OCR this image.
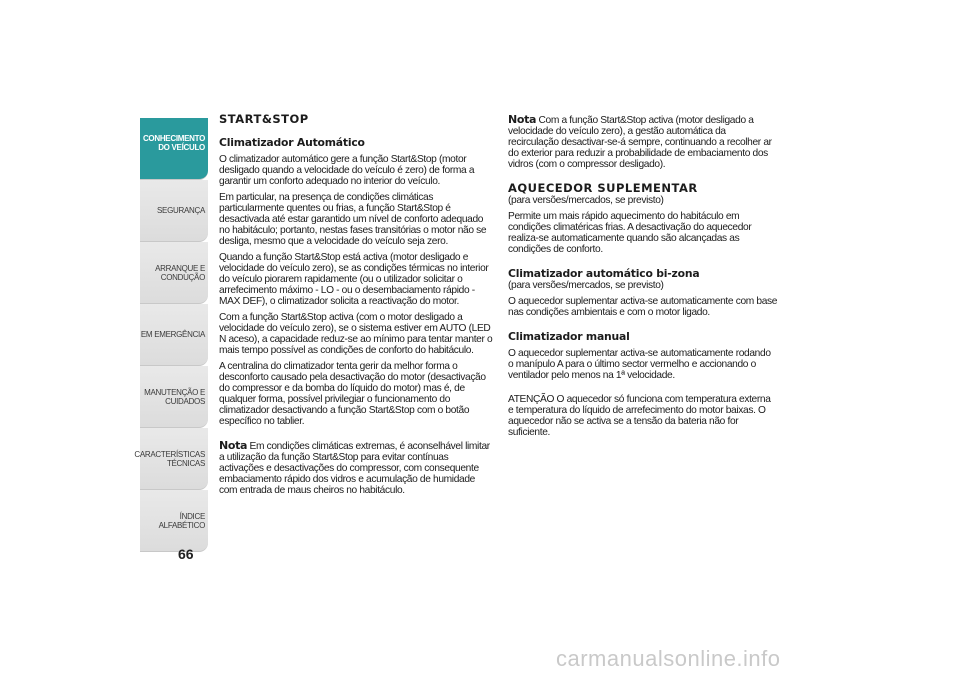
CONHECIMENTO
DO VEÍCULO
SEGURANÇA
ARRANQUE E
CONDUÇÃO
EM EMERGÊNCIA
MANUTENÇÃO E
CUIDADOS
CARACTERÍSTICAS
TÉCNICAS
ÍNDICE ALFABÉTICO
66
START&STOP
Climatizador Automático

O climatizador automático gere a função Start&Stop (motor desligado quando a velocidade do veículo é zero) de forma a garantir um conforto adequado no interior do veículo.

Em particular, na presença de condições climáticas particularmente quentes ou frias, a função Start&Stop é desactivada até estar garantido um nível de conforto adequado no habitáculo; portanto, nestas fases transitórias o motor não se desliga, mesmo que a velocidade do veículo seja zero.

Quando a função Start&Stop está activa (motor desligado e velocidade do veículo zero), se as condições térmicas no interior do veículo piorarem rapidamente (ou o utilizador solicitar o arrefecimento máximo - LO - ou o desembaciamento rápido - MAX DEF), o climatizador solicita a reactivação do motor.

Com a função Start&Stop activa (com o motor desligado a velocidade do veículo zero), se o sistema estiver em AUTO (LED N aceso), a capacidade reduz-se ao mínimo para tentar manter o mais tempo possível as condições de conforto do habitáculo.

A centralina do climatizador tenta gerir da melhor forma o desconforto causado pela desactivação do motor (desactivação do compressor e da bomba do líquido do motor) mas é, de qualquer forma, possível privilegiar o funcionamento do climatizador desactivando a função Start&Stop com o botão específico no tablier.

Nota Em condições climáticas extremas, é aconselhável limitar a utilização da função Start&Stop para evitar contínuas activações e desactivações do compressor, com consequente embaciamento rápido dos vidros e acumulação de humidade com entrada de maus cheiros no habitáculo.

Nota Com a função Start&Stop activa (motor desligado a velocidade do veículo zero), a gestão automática da recirculação desactivar-se-á sempre, continuando a recolher ar do exterior para reduzir a probabilidade de embaciamento dos vidros (com o compressor desligado).

AQUECEDOR SUPLEMENTAR

(para versões/mercados, se previsto)

Permite um mais rápido aquecimento do habitáculo em condições climatéricas frias. A desactivação do aquecedor realiza-se automaticamente quando são alcançadas as condições de conforto.

Climatizador automático bi-zona

(para versões/mercados, se previsto)

O aquecedor suplementar activa-se automaticamente com base nas condições ambientais e com o motor ligado.

Climatizador manual

O aquecedor suplementar activa-se automaticamente rodando o manípulo A para o último sector vermelho e accionando o ventilador pelo menos na 1ª velocidade.

ATENÇÃO O aquecedor só funciona com temperatura externa e temperatura do líquido de arrefecimento do motor baixas. O aquecedor não se activa se a tensão da bateria não for suficiente.

carmanualsonline.info
